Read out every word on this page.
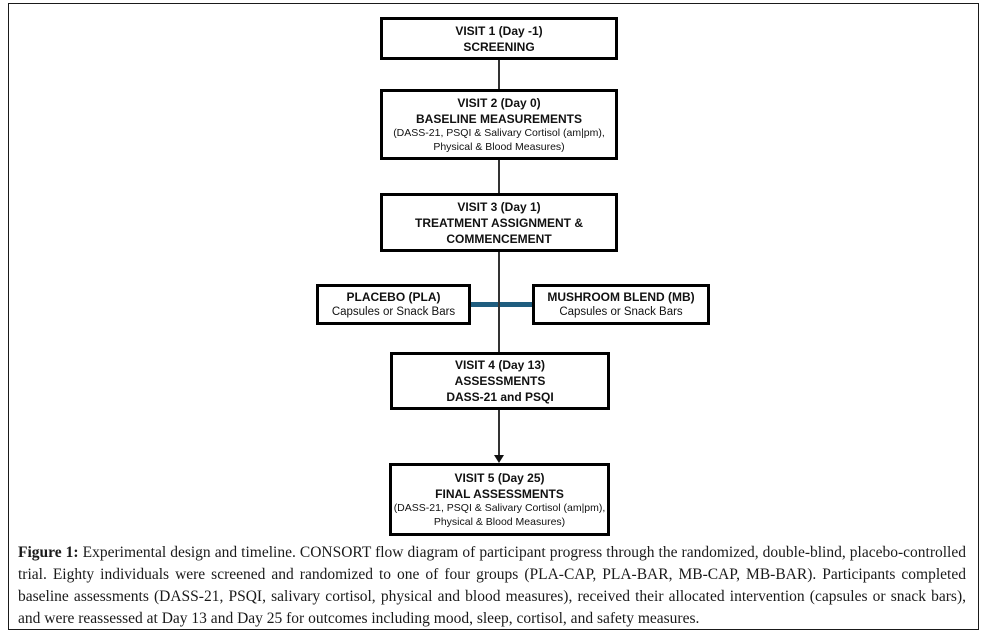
VISIT 1 (Day -1)
SCREENING
VISIT 2 (Day 0)
BASELINE MEASUREMENTS
(DASS-21, PSQI & Salivary Cortisol (am|pm),
Physical & Blood Measures)
VISIT 3 (Day 1)
TREATMENT ASSIGNMENT &
COMMENCEMENT
PLACEBO (PLA)
Capsules or Snack Bars
MUSHROOM BLEND (MB)
Capsules or Snack Bars
VISIT 4 (Day 13)
ASSESSMENTS
DASS-21 and PSQI
VISIT 5 (Day 25)
FINAL ASSESSMENTS
(DASS-21, PSQI & Salivary Cortisol (am|pm),
Physical & Blood Measures)

Figure 1: Experimental design and timeline. CONSORT flow diagram of participant progress through the randomized, double-blind, placebo-controlled trial. Eighty individuals were screened and randomized to one of four groups (PLA-CAP, PLA-BAR, MB-CAP, MB-BAR). Participants completed baseline assessments (DASS-21, PSQI, salivary cortisol, physical and blood measures), received their allocated intervention (capsules or snack bars), and were reassessed at Day 13 and Day 25 for outcomes including mood, sleep, cortisol, and safety measures.
